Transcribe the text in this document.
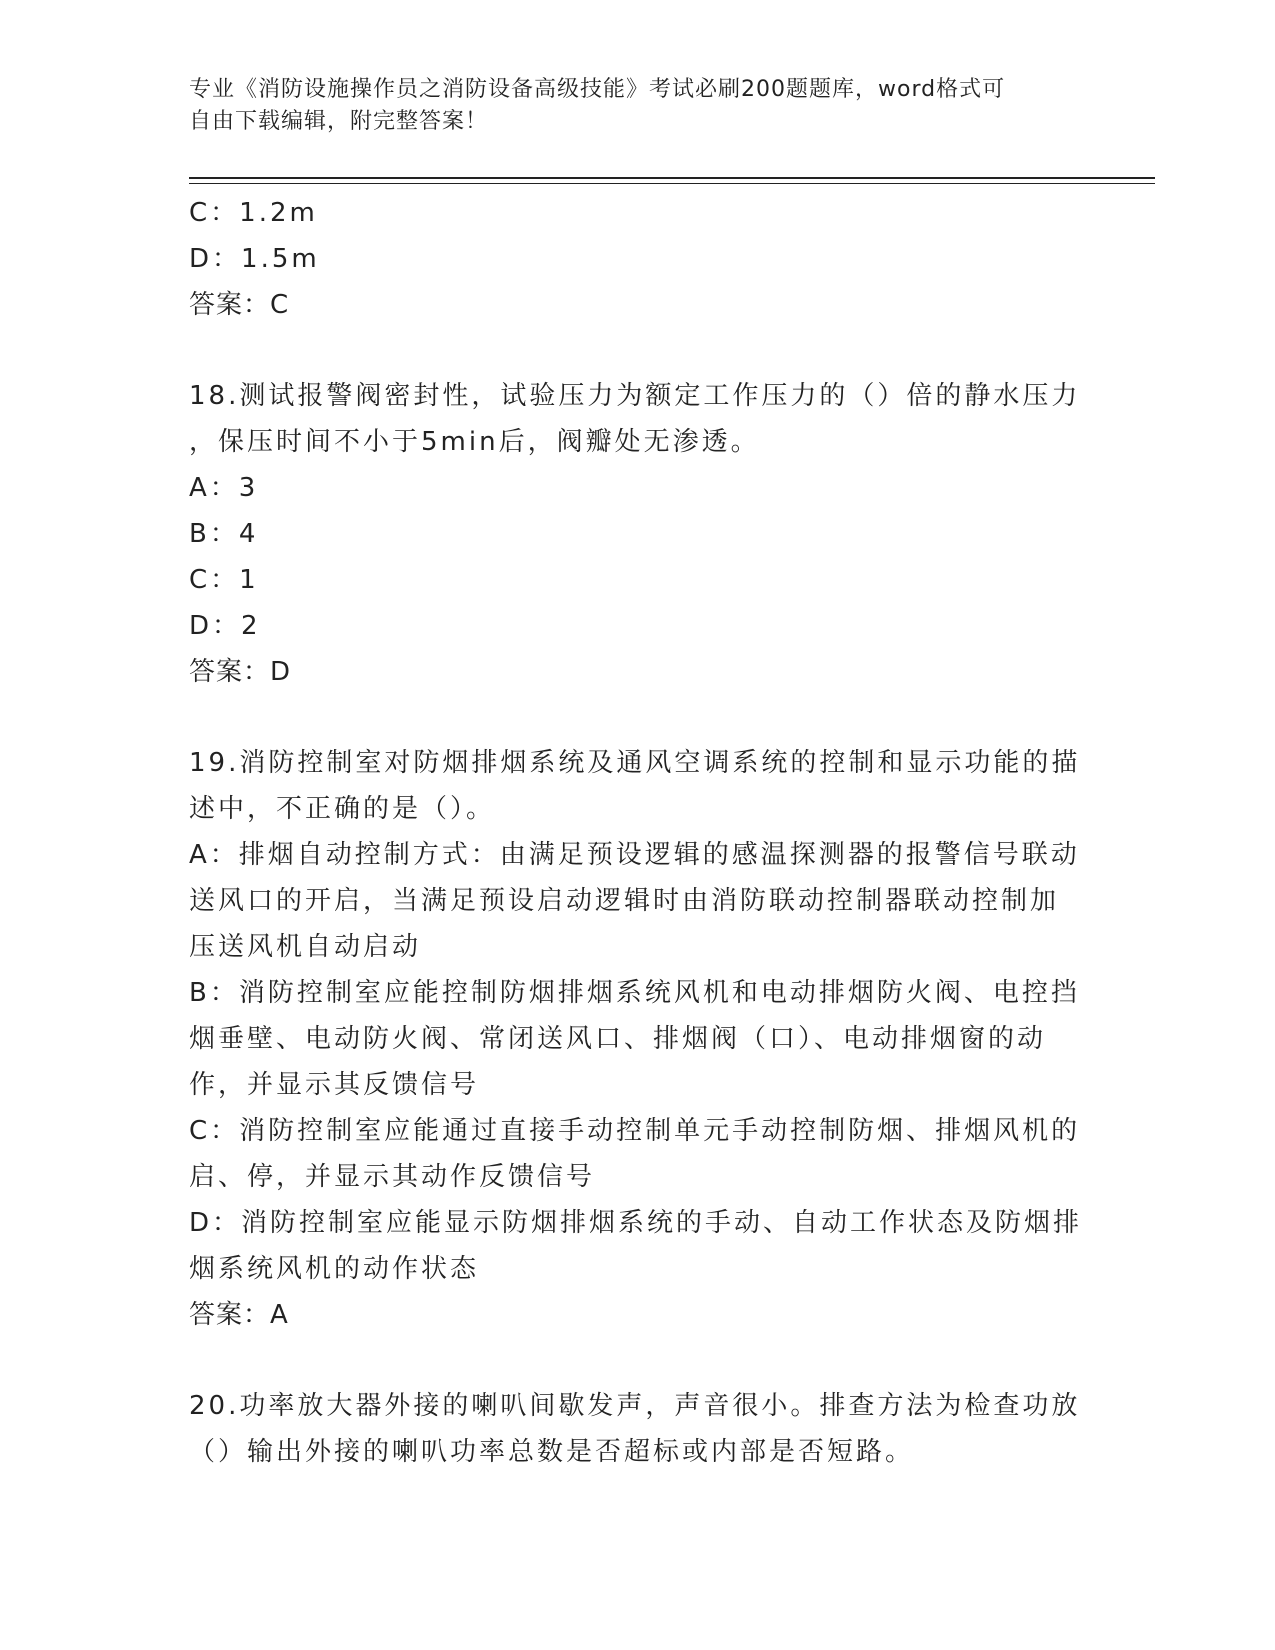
专业《消防设施操作员之消防设备高级技能》考试必刷200题题库，word格式可
自由下载编辑，附完整答案！
C：1.2m
D：1.5m
答案：C
18.测试报警阀密封性，试验压力为额定工作压力的（）倍的静水压力
，保压时间不小于5min后，阀瓣处无渗透。
A：3
B：4
C：1
D：2
答案：D
19.消防控制室对防烟排烟系统及通风空调系统的控制和显示功能的描
述中，不正确的是（）。
A：排烟自动控制方式：由满足预设逻辑的感温探测器的报警信号联动
送风口的开启，当满足预设启动逻辑时由消防联动控制器联动控制加
压送风机自动启动
B：消防控制室应能控制防烟排烟系统风机和电动排烟防火阀、电控挡
烟垂壁、电动防火阀、常闭送风口、排烟阀（口）、电动排烟窗的动
作，并显示其反馈信号
C：消防控制室应能通过直接手动控制单元手动控制防烟、排烟风机的
启、停，并显示其动作反馈信号
D：消防控制室应能显示防烟排烟系统的手动、自动工作状态及防烟排
烟系统风机的动作状态
答案：A
20.功率放大器外接的喇叭间歇发声，声音很小。排查方法为检查功放
（）输出外接的喇叭功率总数是否超标或内部是否短路。
